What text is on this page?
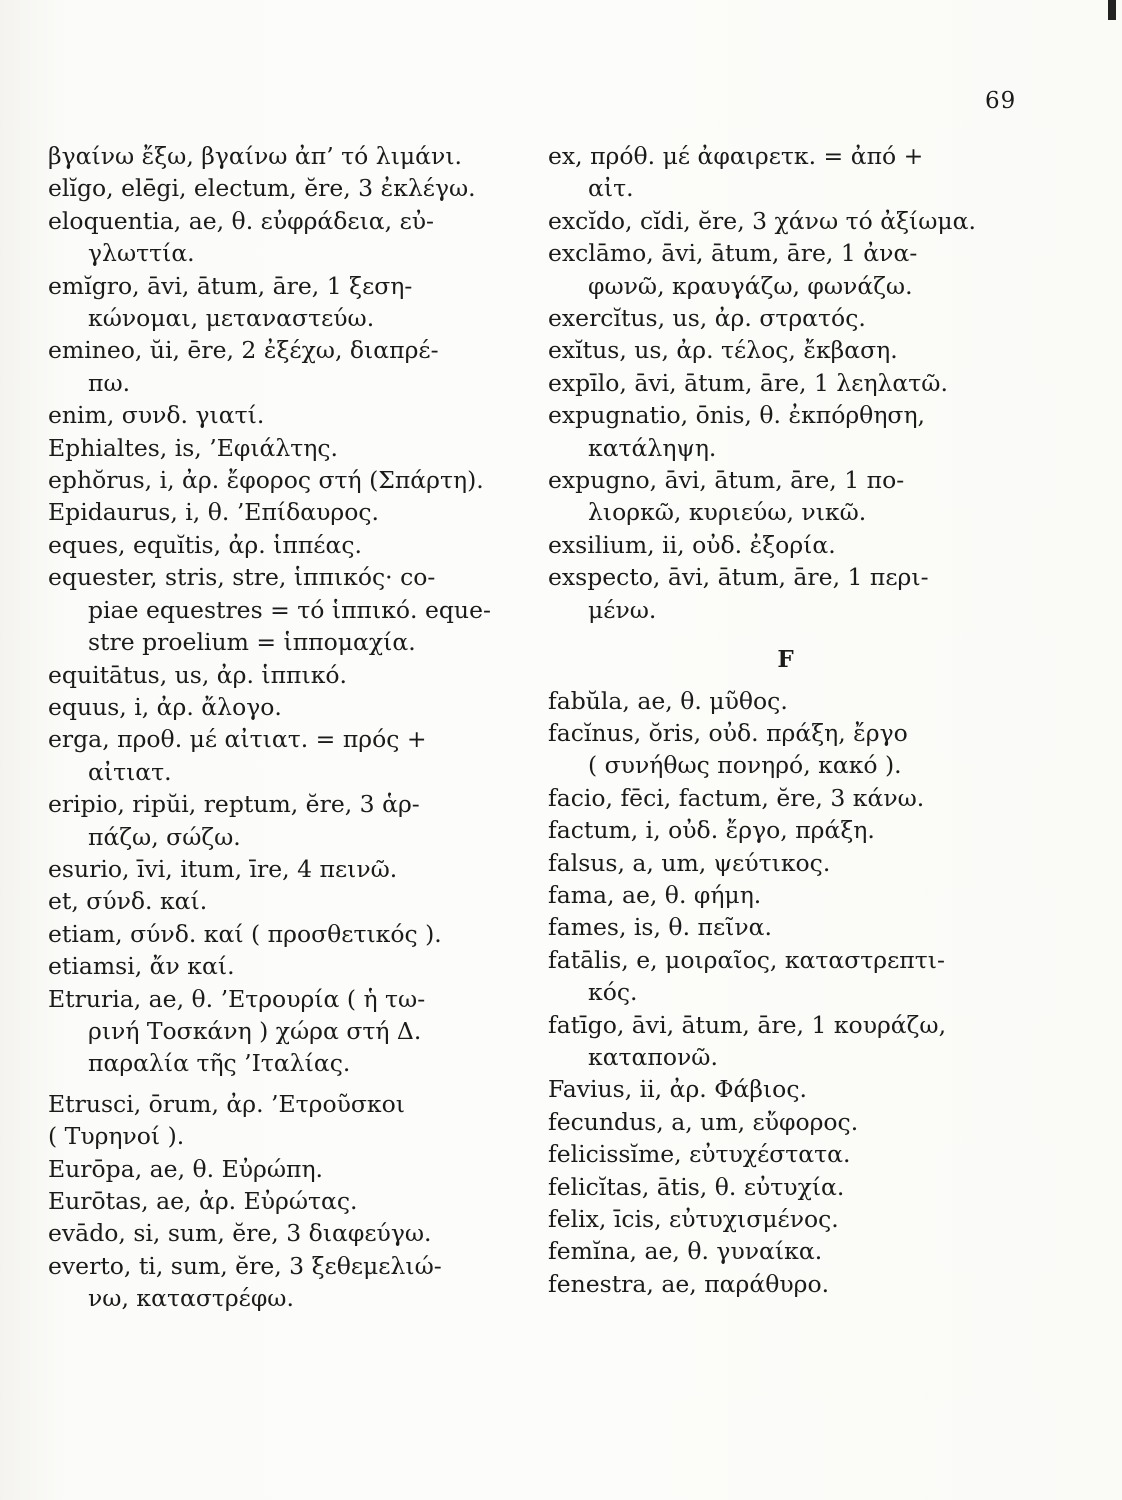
69
βγαίνω ἔξω, βγαίνω ἀπ’ τό λιμάνι.
elĭgo, elēgi, electum, ĕre, 3 ἐκλέγω.
eloquentia, ae, θ. εὐφράδεια, εὐ-
γλωττία.
emĭgro, āvi, ātum, āre, 1 ξεση-
κώνομαι, μεταναστεύω.
emineo, ŭi, ēre, 2 ἐξέχω, διαπρέ-
πω.
enim, συνδ. γιατί.
Ephialtes, is, ’Εφιάλτης.
ephŏrus, i, ἀρ. ἔφορος στή (Σπάρτη).
Epidaurus, i, θ. ’Επίδαυρος.
eques, equĭtis, ἀρ. ἱππέας.
equester, stris, stre, ἱππικός· co-
piae equestres = τό ἱππικό. eque-
stre proelium = ἱππομαχία.
equitātus, us, ἀρ. ἱππικό.
equus, i, ἀρ. ἄλογο.
erga, προθ. μέ αἰτιατ. = πρός +
αἰτιατ.
eripio, ripŭi, reptum, ĕre, 3 ἁρ-
πάζω, σώζω.
esurio, īvi, itum, īre, 4 πεινῶ.
et, σύνδ. καί.
etiam, σύνδ. καί ( προσθετικός ).
etiamsi, ἄν καί.
Etruria, ae, θ. ’Ετρουρία ( ἡ τω-
ρινή Τοσκάνη ) χώρα στή Δ.
παραλία τῆς ’Ιταλίας.
Etrusci, ōrum, ἀρ. ’Ετροῦσκοι
( Τυρηνοί ).
Eurōpa, ae, θ. Εὐρώπη.
Eurōtas, ae, ἀρ. Εὐρώτας.
evādo, si, sum, ĕre, 3 διαφεύγω.
everto, ti, sum, ĕre, 3 ξεθεμελιώ-
νω, καταστρέφω.
ex, πρόθ. μέ ἀφαιρετκ. = ἀπό +
αἰτ.
excĭdo, cĭdi, ĕre, 3 χάνω τό ἀξίωμα.
exclāmo, āvi, ātum, āre, 1 ἀνα-
φωνῶ, κραυγάζω, φωνάζω.
exercĭtus, us, ἀρ. στρατός.
exĭtus, us, ἀρ. τέλος, ἔκβαση.
expīlo, āvi, ātum, āre, 1 λεηλατῶ.
expugnatio, ōnis, θ. ἐκπόρθηση,
κατάληψη.
expugno, āvi, ātum, āre, 1 πο-
λιορκῶ, κυριεύω, νικῶ.
exsilium, ii, οὐδ. ἐξορία.
exspecto, āvi, ātum, āre, 1 περι-
μένω.
F
fabŭla, ae, θ. μῦθος.
facĭnus, ŏris, οὐδ. πράξη, ἔργο
( συνήθως πονηρό, κακό ).
facio, fēci, factum, ĕre, 3 κάνω.
factum, i, οὐδ. ἔργο, πράξη.
falsus, a, um, ψεύτικος.
fama, ae, θ. φήμη.
fames, is, θ. πεῖνα.
fatālis, e, μοιραῖος, καταστρεπτι-
κός.
fatīgo, āvi, ātum, āre, 1 κουράζω,
καταπονῶ.
Favius, ii, ἀρ. Φάβιος.
fecundus, a, um, εὔφορος.
felicissĭme, εὐτυχέστατα.
felicĭtas, ātis, θ. εὐτυχία.
felix, īcis, εὐτυχισμένος.
femĭna, ae, θ. γυναίκα.
fenestra, ae, παράθυρο.
